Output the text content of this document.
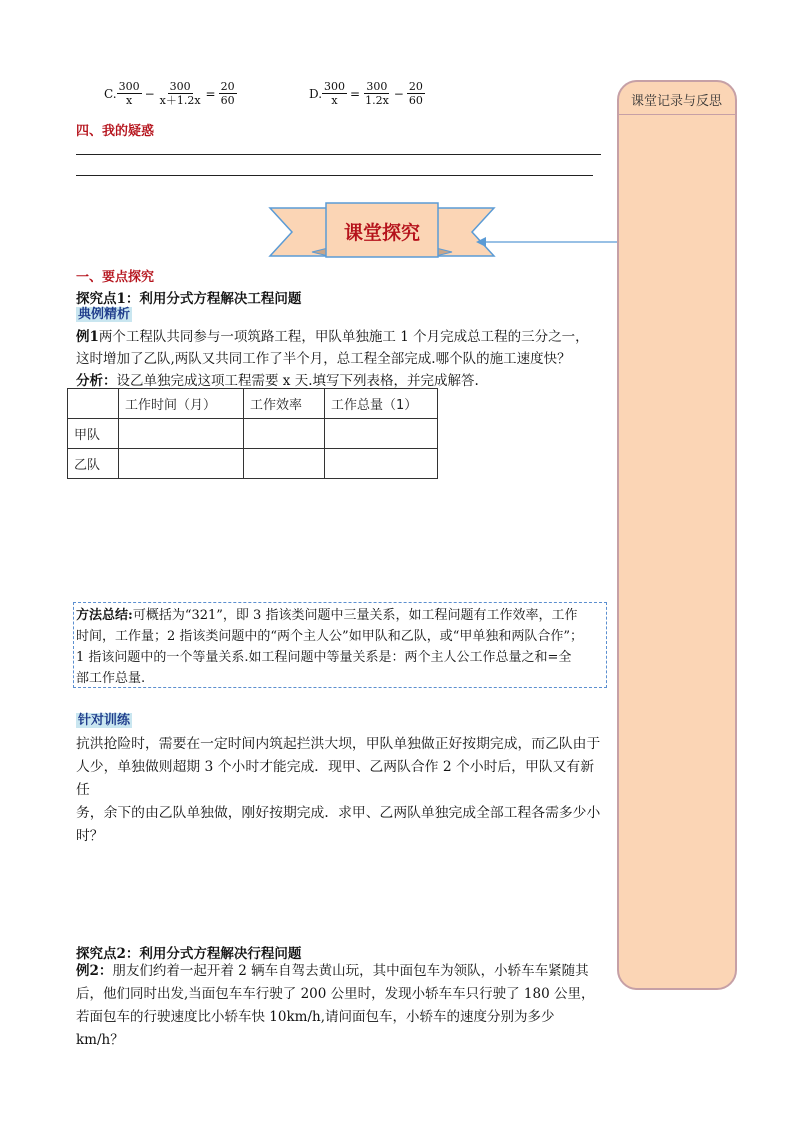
C. $\frac{300}{x} - \frac{300}{x+1.2x} = \frac{20}{60}$	D. $\frac{300}{x} = \frac{300}{1.2x} - \frac{20}{60}$
四、我的疑惑
课堂探究
课堂记录与反思
一、要点探究
探究点1：利用分式方程解决工程问题
典例精析
例1两个工程队共同参与一项筑路工程，甲队单独施工 1 个月完成总工程的三分之一，
这时增加了乙队,两队又共同工作了半个月，总工程全部完成.哪个队的施工速度快？
分析：设乙单独完成这项工程需要 x 天.填写下列表格，并完成解答.
	工作时间（月）	工作效率	工作总量（1）
甲队			
乙队			
方法总结:可概括为“321”，即 3 指该类问题中三量关系，如工程问题有工作效率，工作
时间，工作量；2 指该类问题中的“两个主人公”如甲队和乙队，或“甲单独和两队合作”；
1 指该问题中的一个等量关系.如工程问题中等量关系是：两个主人公工作总量之和=全
部工作总量.
针对训练
抗洪抢险时，需要在一定时间内筑起拦洪大坝，甲队单独做正好按期完成，而乙队由于
人少，单独做则超期 3 个小时才能完成．现甲、乙两队合作 2 个小时后，甲队又有新任
务，余下的由乙队单独做，刚好按期完成．求甲、乙两队单独完成全部工程各需多少小
时？
探究点2：利用分式方程解决行程问题
例2：朋友们约着一起开着 2 辆车自驾去黄山玩，其中面包车为领队，小轿车车紧随其
后，他们同时出发,当面包车车行驶了 200 公里时，发现小轿车车只行驶了 180 公里，
若面包车的行驶速度比小轿车快 10km/h,请问面包车，小轿车的速度分别为多少 km/h？
